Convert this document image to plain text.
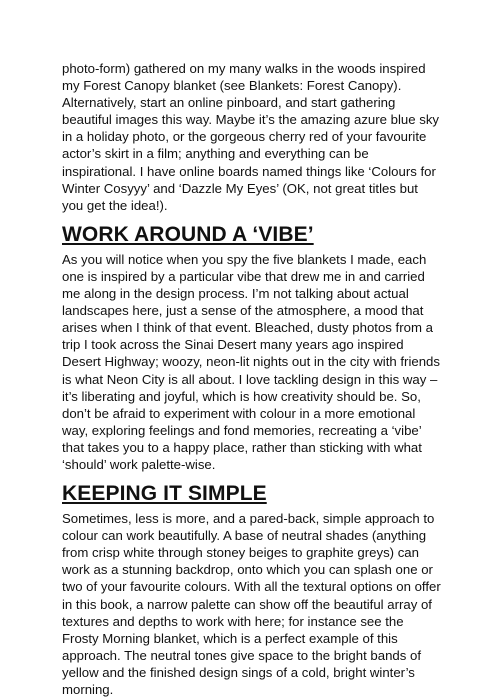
photo-form) gathered on my many walks in the woods inspired my Forest Canopy blanket (see Blankets: Forest Canopy). Alternatively, start an online pinboard, and start gathering beautiful images this way. Maybe it’s the amazing azure blue sky in a holiday photo, or the gorgeous cherry red of your favourite actor’s skirt in a film; anything and everything can be inspirational. I have online boards named things like ‘Colours for Winter Cosyyy’ and ‘Dazzle My Eyes’ (OK, not great titles but you get the idea!).

WORK AROUND A ‘VIBE’

As you will notice when you spy the five blankets I made, each one is inspired by a particular vibe that drew me in and carried me along in the design process. I’m not talking about actual landscapes here, just a sense of the atmosphere, a mood that arises when I think of that event. Bleached, dusty photos from a trip I took across the Sinai Desert many years ago inspired Desert Highway; woozy, neon-lit nights out in the city with friends is what Neon City is all about. I love tackling design in this way – it’s liberating and joyful, which is how creativity should be. So, don’t be afraid to experiment with colour in a more emotional way, exploring feelings and fond memories, recreating a ‘vibe’ that takes you to a happy place, rather than sticking with what ‘should’ work palette-wise.

KEEPING IT SIMPLE

Sometimes, less is more, and a pared-back, simple approach to colour can work beautifully. A base of neutral shades (anything from crisp white through stoney beiges to graphite greys) can work as a stunning backdrop, onto which you can splash one or two of your favourite colours. With all the textural options on offer in this book, a narrow palette can show off the beautiful array of textures and depths to work with here; for instance see the Frosty Morning blanket, which is a perfect example of this approach. The neutral tones give space to the bright bands of yellow and the finished design sings of a cold, bright winter’s morning.
